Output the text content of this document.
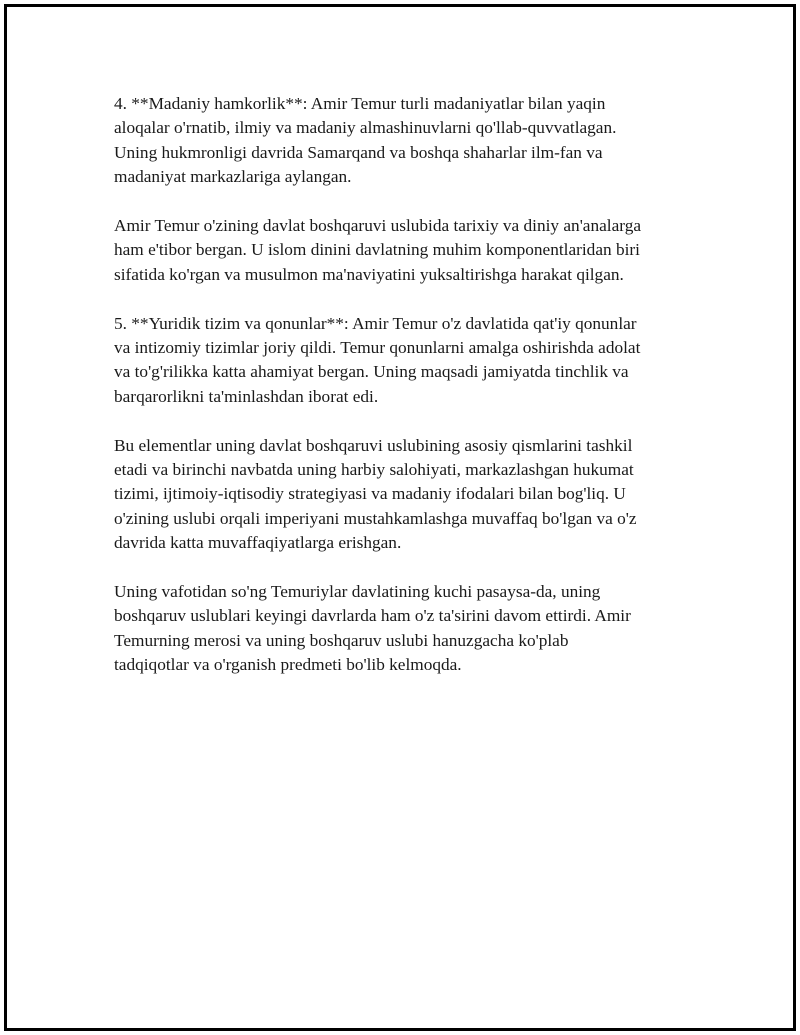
4. **Madaniy hamkorlik**: Amir Temur turli madaniyatlar bilan yaqin
aloqalar o'rnatib, ilmiy va madaniy almashinuvlarni qo'llab-quvvatlagan.
Uning hukmronligi davrida Samarqand va boshqa shaharlar ilm-fan va
madaniyat markazlariga aylangan.

Amir Temur o'zining davlat boshqaruvi uslubida tarixiy va diniy an'analarga
ham e'tibor bergan. U islom dinini davlatning muhim komponentlaridan biri
sifatida ko'rgan va musulmon ma'naviyatini yuksaltirishga harakat qilgan.

5. **Yuridik tizim va qonunlar**: Amir Temur o'z davlatida qat'iy qonunlar
va intizomiy tizimlar joriy qildi. Temur qonunlarni amalga oshirishda adolat
va to'g'rilikka katta ahamiyat bergan. Uning maqsadi jamiyatda tinchlik va
barqarorlikni ta'minlashdan iborat edi.

Bu elementlar uning davlat boshqaruvi uslubining asosiy qismlarini tashkil
etadi va birinchi navbatda uning harbiy salohiyati, markazlashgan hukumat
tizimi, ijtimoiy-iqtisodiy strategiyasi va madaniy ifodalari bilan bog'liq. U
o'zining uslubi orqali imperiyani mustahkamlashga muvaffaq bo'lgan va o'z
davrida katta muvaffaqiyatlarga erishgan.

Uning vafotidan so'ng Temuriylar davlatining kuchi pasaysa-da, uning
boshqaruv uslublari keyingi davrlarda ham o'z ta'sirini davom ettirdi. Amir
Temurning merosi va uning boshqaruv uslubi hanuzgacha ko'plab
tadqiqotlar va o'rganish predmeti bo'lib kelmoqda.
